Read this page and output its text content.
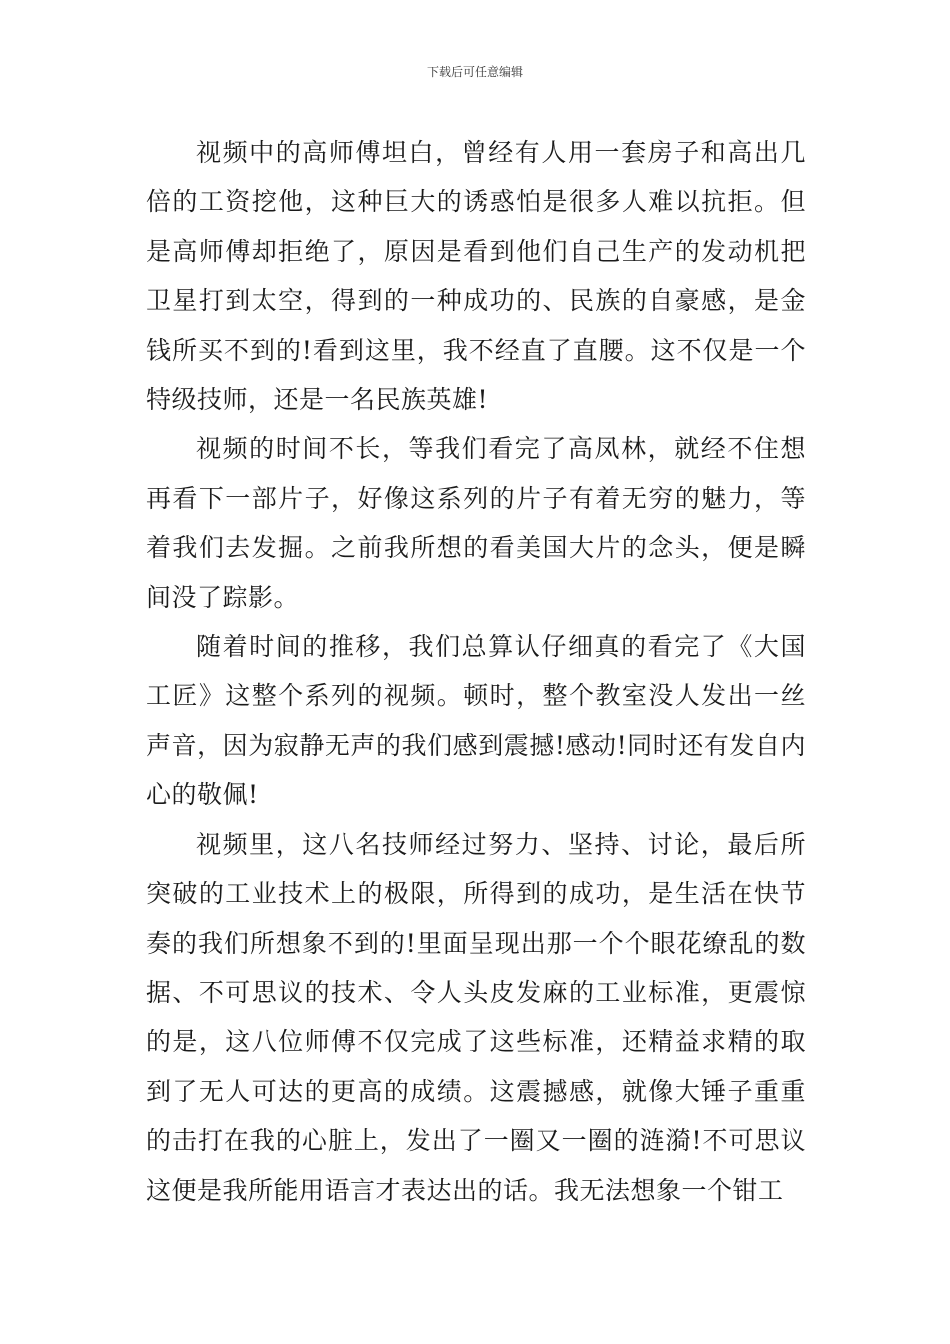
下载后可任意编辑

视频中的高师傅坦白，曾经有人用一套房子和高出几倍的工资挖他，这种巨大的诱惑怕是很多人难以抗拒。但是高师傅却拒绝了，原因是看到他们自己生产的发动机把卫星打到太空，得到的一种成功的、民族的自豪感，是金钱所买不到的!看到这里，我不经直了直腰。这不仅是一个特级技师，还是一名民族英雄!

视频的时间不长，等我们看完了高凤林，就经不住想再看下一部片子，好像这系列的片子有着无穷的魅力，等着我们去发掘。之前我所想的看美国大片的念头，便是瞬间没了踪影。

随着时间的推移，我们总算认仔细真的看完了《大国工匠》这整个系列的视频。顿时，整个教室没人发出一丝声音，因为寂静无声的我们感到震撼!感动!同时还有发自内心的敬佩!

视频里，这八名技师经过努力、坚持、讨论，最后所突破的工业技术上的极限，所得到的成功，是生活在快节奏的我们所想象不到的!里面呈现出那一个个眼花缭乱的数据、不可思议的技术、令人头皮发麻的工业标准，更震惊的是，这八位师傅不仅完成了这些标准，还精益求精的取到了无人可达的更高的成绩。这震撼感，就像大锤子重重的击打在我的心脏上，发出了一圈又一圈的涟漪!不可思议这便是我所能用语言才表达出的话。我无法想象一个钳工
